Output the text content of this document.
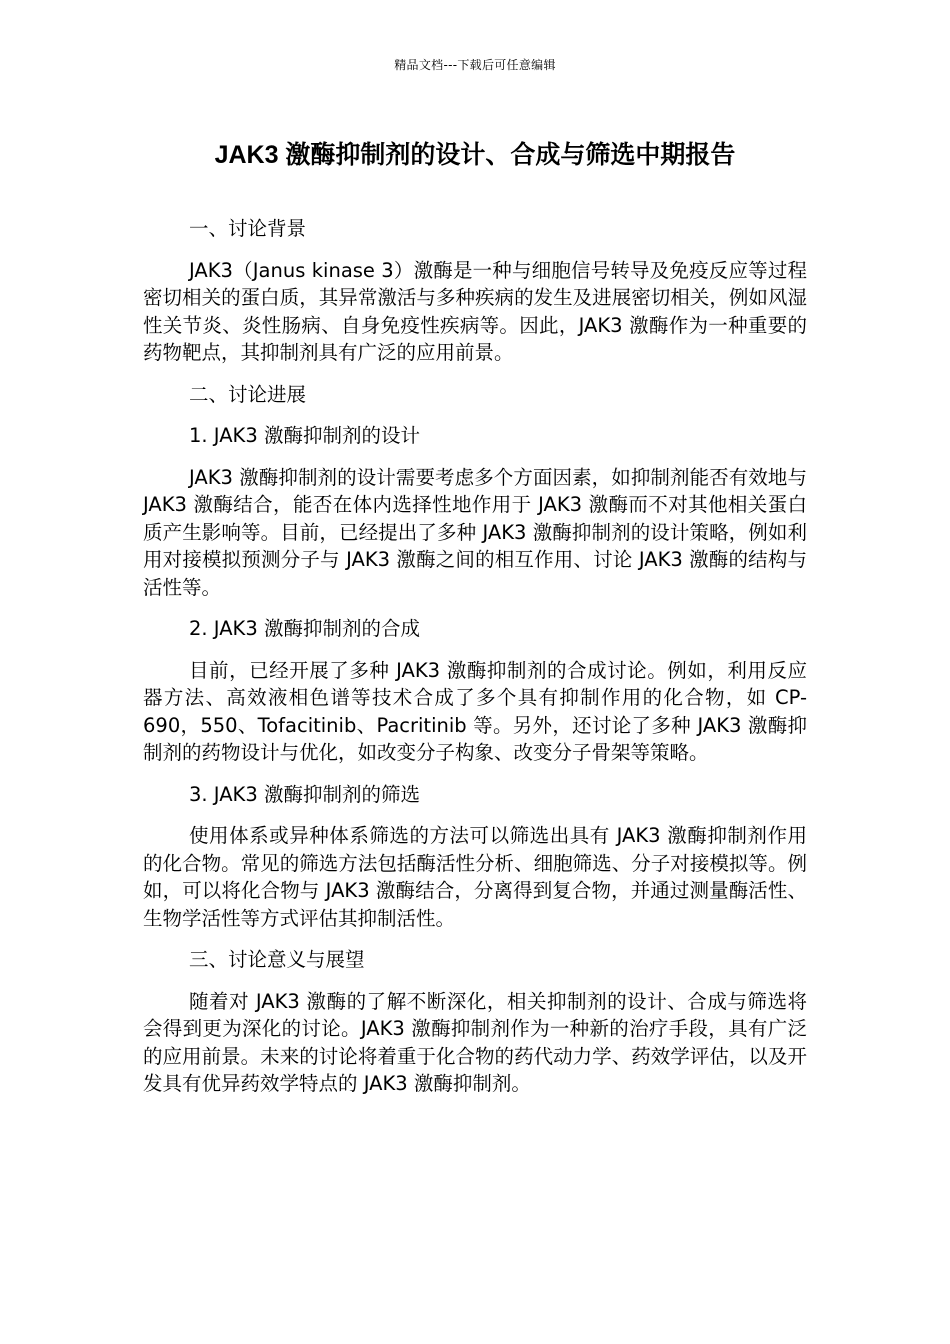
精品文档---下载后可任意编辑
JAK3 激酶抑制剂的设计、合成与筛选中期报告

一、讨论背景

JAK3（Janus kinase 3）激酶是一种与细胞信号转导及免疫反应等过程密切相关的蛋白质，其异常激活与多种疾病的发生及进展密切相关，例如风湿性关节炎、炎性肠病、自身免疫性疾病等。因此，JAK3 激酶作为一种重要的药物靶点，其抑制剂具有广泛的应用前景。

二、讨论进展

1. JAK3 激酶抑制剂的设计

JAK3 激酶抑制剂的设计需要考虑多个方面因素，如抑制剂能否有效地与 JAK3 激酶结合，能否在体内选择性地作用于 JAK3 激酶而不对其他相关蛋白质产生影响等。目前，已经提出了多种 JAK3 激酶抑制剂的设计策略，例如利用对接模拟预测分子与 JAK3 激酶之间的相互作用、讨论 JAK3 激酶的结构与活性等。

2. JAK3 激酶抑制剂的合成

目前，已经开展了多种 JAK3 激酶抑制剂的合成讨论。例如，利用反应器方法、高效液相色谱等技术合成了多个具有抑制作用的化合物，如 CP-690，550、Tofacitinib、Pacritinib 等。另外，还讨论了多种 JAK3 激酶抑制剂的药物设计与优化，如改变分子构象、改变分子骨架等策略。

3. JAK3 激酶抑制剂的筛选

使用体系或异种体系筛选的方法可以筛选出具有 JAK3 激酶抑制剂作用的化合物。常见的筛选方法包括酶活性分析、细胞筛选、分子对接模拟等。例如，可以将化合物与 JAK3 激酶结合，分离得到复合物，并通过测量酶活性、生物学活性等方式评估其抑制活性。

三、讨论意义与展望

随着对 JAK3 激酶的了解不断深化，相关抑制剂的设计、合成与筛选将会得到更为深化的讨论。JAK3 激酶抑制剂作为一种新的治疗手段，具有广泛的应用前景。未来的讨论将着重于化合物的药代动力学、药效学评估，以及开发具有优异药效学特点的 JAK3 激酶抑制剂。
